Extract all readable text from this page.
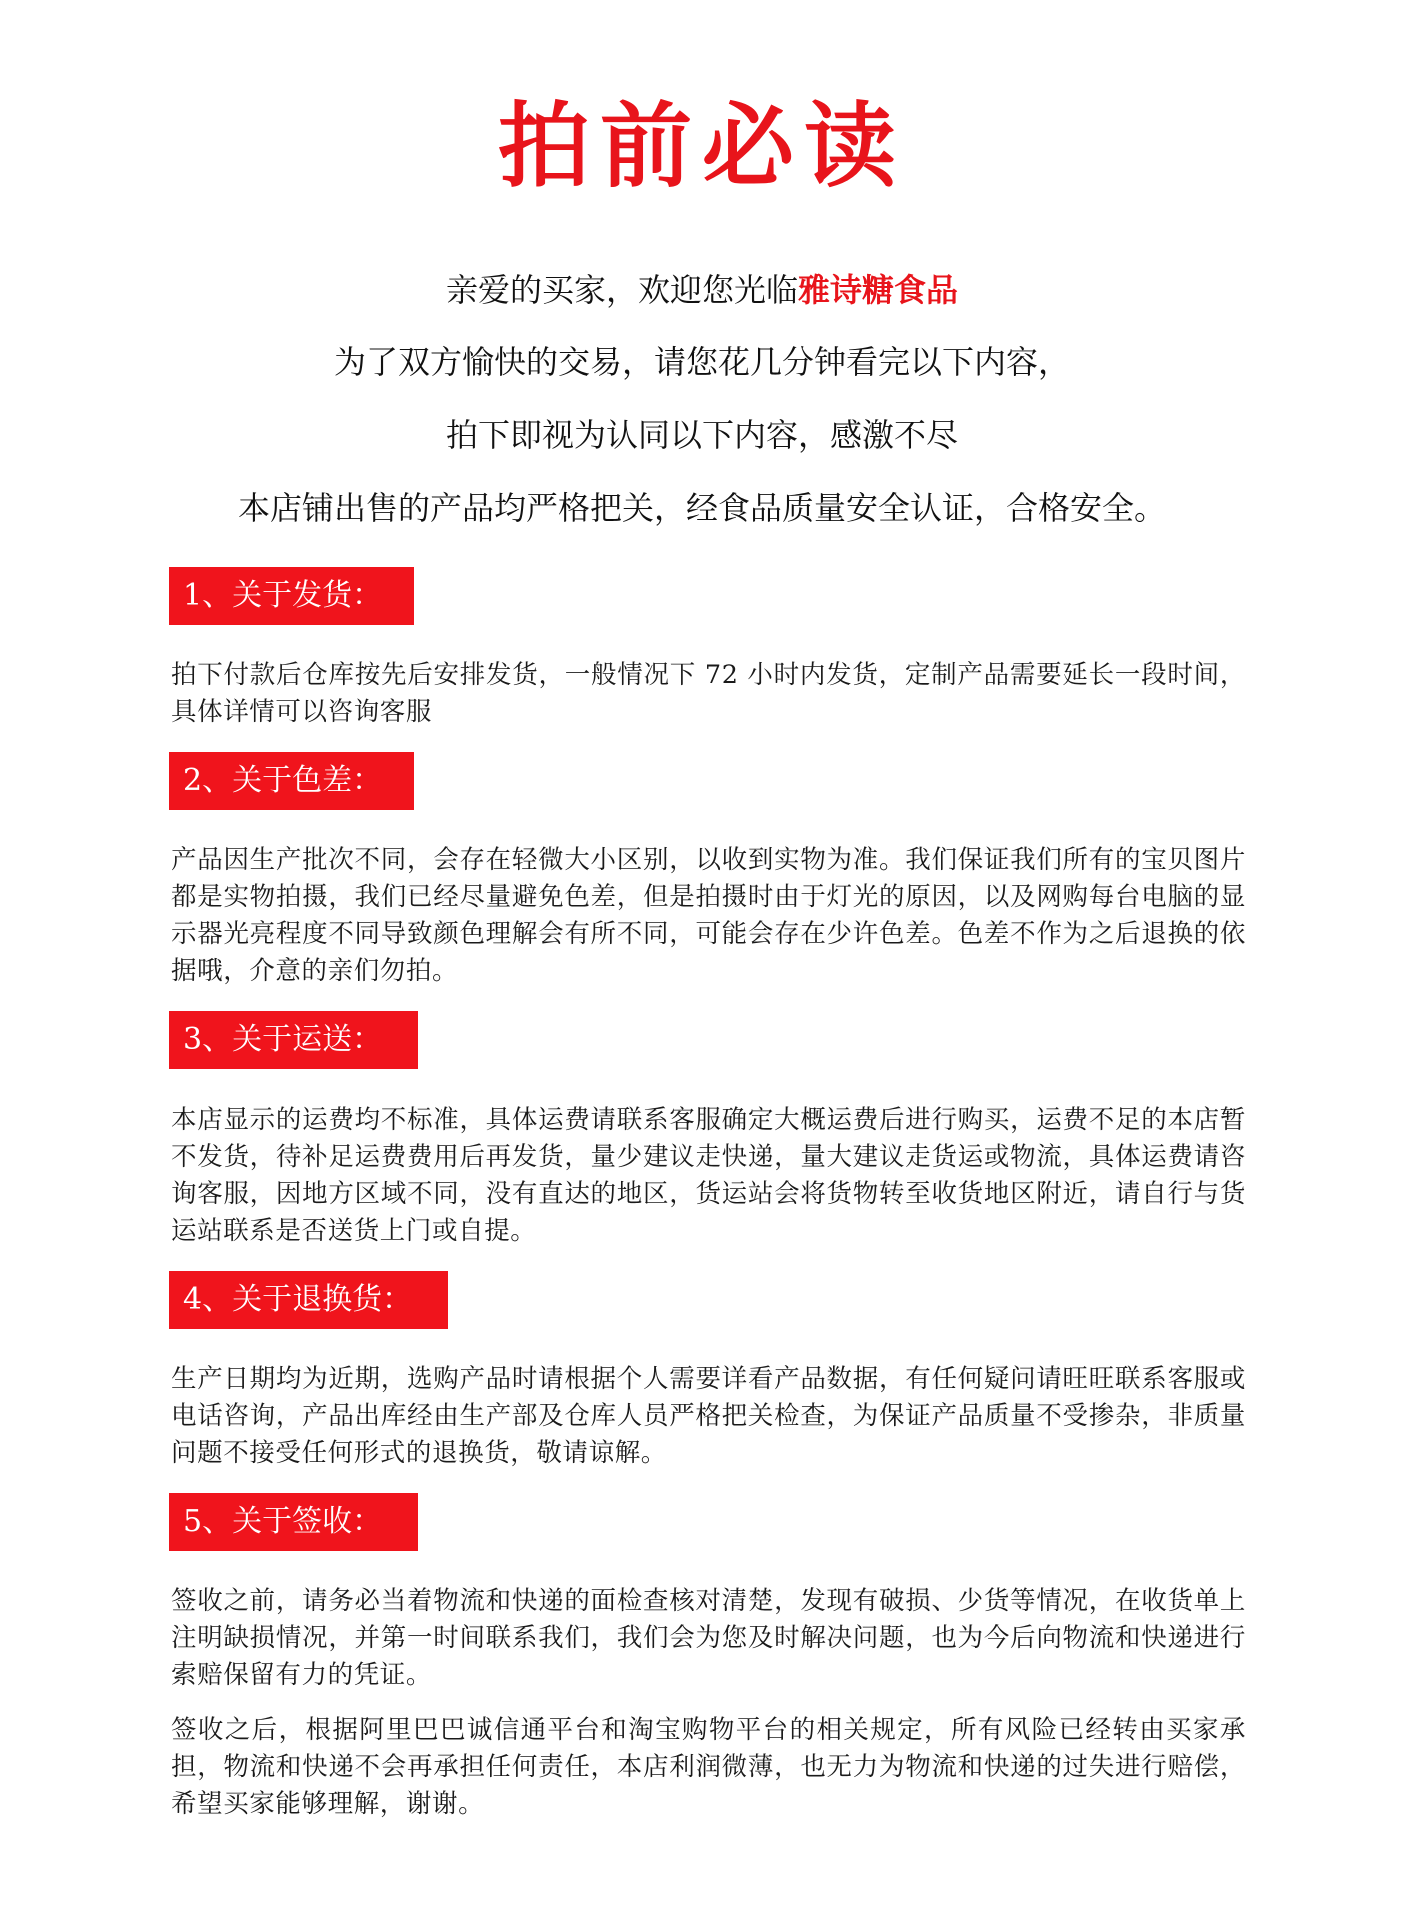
拍前必读
亲爱的买家，欢迎您光临雅诗糖食品
为了双方愉快的交易，请您花几分钟看完以下内容，
拍下即视为认同以下内容，感激不尽
本店铺出售的产品均严格把关，经食品质量安全认证，合格安全。
1、关于发货：
拍下付款后仓库按先后安排发货，一般情况下 72 小时内发货，定制产品需要延长一段时间，具体详情可以咨询客服
2、关于色差：
产品因生产批次不同，会存在轻微大小区别，以收到实物为准。我们保证我们所有的宝贝图片都是实物拍摄，我们已经尽量避免色差，但是拍摄时由于灯光的原因，以及网购每台电脑的显示器光亮程度不同导致颜色理解会有所不同，可能会存在少许色差。色差不作为之后退换的依据哦，介意的亲们勿拍。
3、关于运送：
本店显示的运费均不标准，具体运费请联系客服确定大概运费后进行购买，运费不足的本店暂不发货，待补足运费费用后再发货，量少建议走快递，量大建议走货运或物流，具体运费请咨询客服，因地方区域不同，没有直达的地区，货运站会将货物转至收货地区附近，请自行与货运站联系是否送货上门或自提。
4、关于退换货：
生产日期均为近期，选购产品时请根据个人需要详看产品数据，有任何疑问请旺旺联系客服或电话咨询，产品出库经由生产部及仓库人员严格把关检查，为保证产品质量不受掺杂，非质量问题不接受任何形式的退换货，敬请谅解。
5、关于签收：
签收之前，请务必当着物流和快递的面检查核对清楚，发现有破损、少货等情况，在收货单上注明缺损情况，并第一时间联系我们，我们会为您及时解决问题，也为今后向物流和快递进行索赔保留有力的凭证。
签收之后，根据阿里巴巴诚信通平台和淘宝购物平台的相关规定，所有风险已经转由买家承担，物流和快递不会再承担任何责任，本店利润微薄，也无力为物流和快递的过失进行赔偿，希望买家能够理解，谢谢。
